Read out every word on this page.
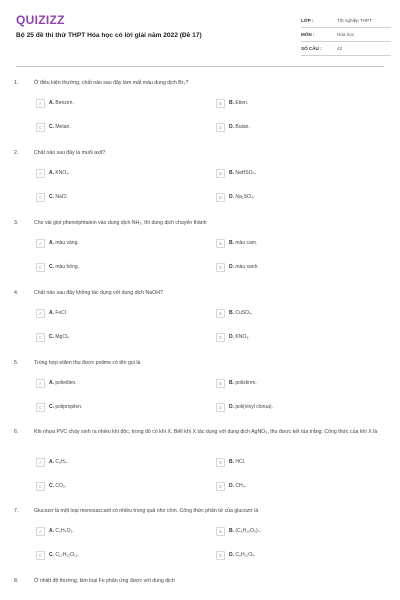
QUIZIZZ
Bộ 25 đề thi thử THPT Hóa học có lời giải năm 2022 (Đề 17)
LỚP :	Tốt nghiệp THPT
MÔN :	Hóa học
SỐ CÂU :	42
1.	Ở điều kiện thường, chất nào sau đây làm mất màu dung dịch Br₂?
A	A. Benzen.	B	B. Etien.
C	C. Metan.	D	D. Butan.
2.	Chất nào sau đây là muối axit?
A	A. KNO₃.	B	B. NaHSO₄.
C	C. NaCl.	D	D. Na₂SO₄.
3.	Cho vài giọt phenolphtalein vào dung dịch NH₃, thì dung dịch chuyển thành
A	A. màu vàng.	B	B. màu cam.
C	C. màu hồng.	D	D. màu xanh.
4.	Chất nào sau đây không tác dụng với dung dịch NaOH?
A	A. FeCl	B	B. CuSO₄.
C	C. MgCl₂.	D	D. KNO₃.
5.	Trùng hợp etilen thu được polime có tên gọi là
A	A. polietilen.	B	B. polistiren.
C	C. polipropilen.	D	D. poli(vinyl clorua).
6.	Khi nhựa PVC cháy sinh ra nhiều khí độc, trong đó có khí X. Biết khí X tác dụng với dung dịch AgNO₃, thu được kết tủa trắng. Công thức của khí X là
A	A. C₂H₄.	B	B. HCl.
C	C. CO₂.	D	D. CH₄.
7.	Glucozơ là một loại monosaccarit có nhiều trong quả nho chín. Công thức phân tử của glucozơ là
A	A. C₂H₄O₂.	B	B. (C₆H₁₀O₅)ₙ.
C	C. C₁₂H₂₂O₁₁.	D	D. C₆H₁₂O₆.
8.	Ở nhiệt độ thường, kim loại Fe phản ứng được với dung dịch
